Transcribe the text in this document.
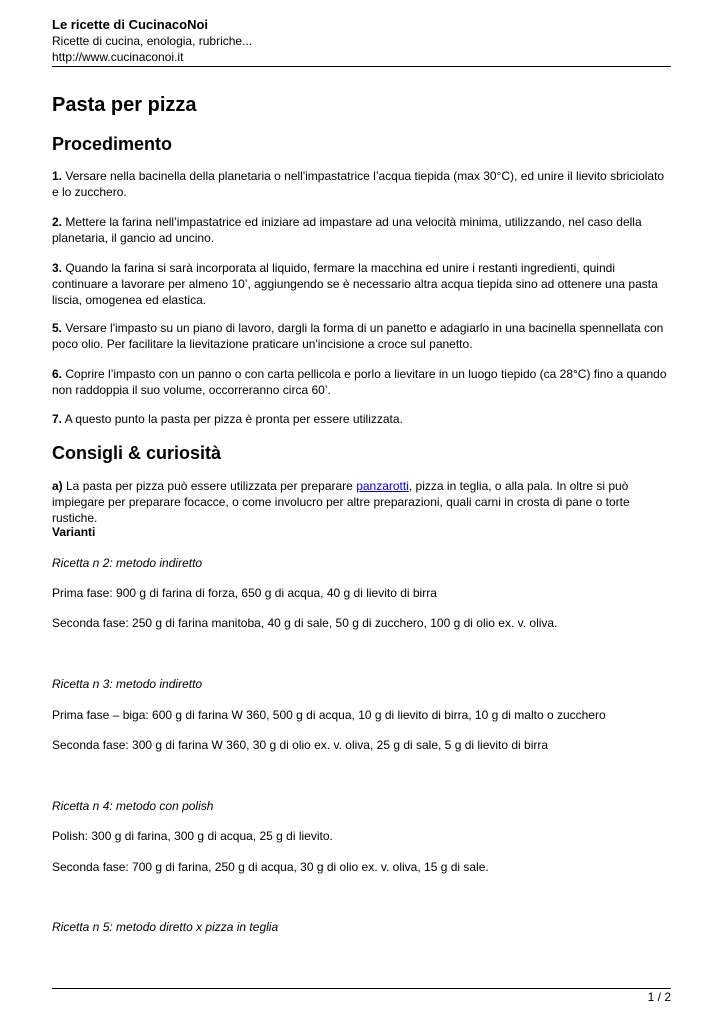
Le ricette di CucinacoNoi
Ricette di cucina, enologia, rubriche...
http://www.cucinaconoi.it
Pasta per pizza
Procedimento

1. Versare nella bacinella della planetaria o nell'impastatrice l’acqua tiepida (max 30°C), ed unire il lievito sbriciolato e lo zucchero.

2. Mettere la farina nell’impastatrice ed iniziare ad impastare ad una velocità minima, utilizzando, nel caso della planetaria, il gancio ad uncino.

3. Quando la farina si sarà incorporata al liquido, fermare la macchina ed unire i restanti ingredienti, quindi continuare a lavorare per almeno 10’, aggiungendo se è necessario altra acqua tiepida sino ad ottenere una pasta liscia, omogenea ed elastica.

5. Versare l'impasto su un piano di lavoro, dargli la forma di un panetto e adagiarlo in una bacinella spennellata con poco olio. Per facilitare la lievitazione praticare un'incisione a croce sul panetto.

6. Coprire l’impasto con un panno o con carta pellicola e porlo a lievitare in un luogo tiepido (ca 28°C) fino a quando non raddoppia il suo volume, occorreranno circa 60’.

7. A questo punto la pasta per pizza è pronta per essere utilizzata.

Consigli & curiosità

a) La pasta per pizza può essere utilizzata per preparare panzarotti, pizza in teglia, o alla pala. In oltre si può impiegare per preparare focacce, o come involucro per altre preparazioni, quali carni in crosta di pane o torte rustiche.

Varianti

Ricetta n 2: metodo indiretto

Prima fase: 900 g di farina di forza, 650 g di acqua, 40 g di lievito di birra

Seconda fase: 250 g di farina manitoba, 40 g di sale, 50 g di zucchero, 100 g di olio ex. v. oliva.

Ricetta n 3: metodo indiretto

Prima fase – biga: 600 g di farina W 360, 500 g di acqua, 10 g di lievito di birra, 10 g di malto o zucchero

Seconda fase: 300 g di farina W 360, 30 g di olio ex. v. oliva, 25 g di sale, 5 g di lievito di birra

Ricetta n 4: metodo con polish

Polish: 300 g di farina, 300 g di acqua, 25 g di lievito.

Seconda fase: 700 g di farina, 250 g di acqua, 30 g di olio ex. v. oliva, 15 g di sale.

Ricetta n 5: metodo diretto x pizza in teglia

1 / 2
